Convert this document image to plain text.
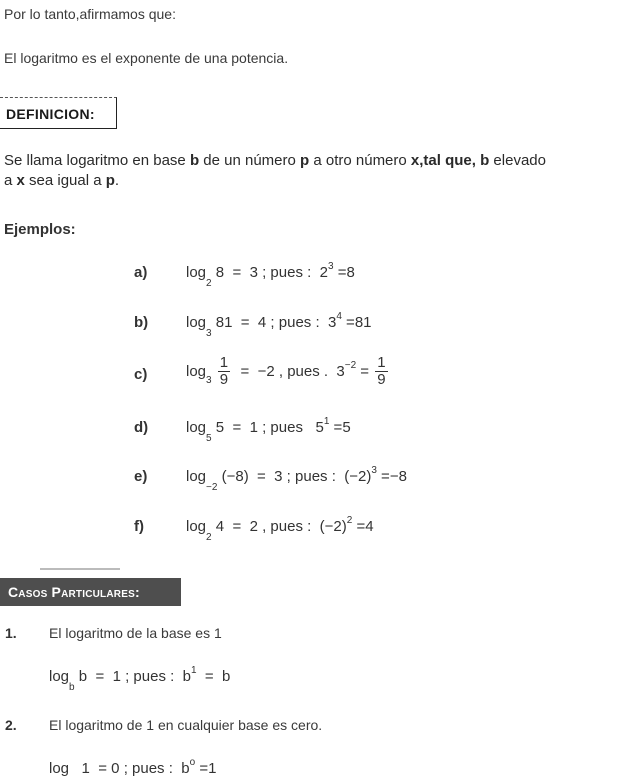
Por lo tanto,afirmamos que:
El logaritmo es el exponente de una potencia.
DEFINICION:
Se llama logaritmo en base b de un número p a otro número x,tal que, b elevado
a x sea igual a p.
Ejemplos:
a)	$\log_2 8 = 3$ ; pues : $2^3 =8$
b)	$\log_3 81 = 4$ ; pues : $3^4 =81$
c)	$\log_3 \frac{1}{9} = -2$ , pues .  $3^{-2} = \frac{1}{9}$
d)	$\log_5 5 = 1$ ; pues $5^1 =5$
e)	$\log_{-2} (-8) = 3$ ; pues : $(-2)^3 =-8$
f)	$\log_2 4 = 2$ , pues : $(-2)^2 =4$
Casos Particulares:
1. El logaritmo de la base es 1
$\log_b b = 1$ ; pues : $b^1 = b$
2. El logaritmo de 1 en cualquier base es cero.
log 1 = 0 ; pues : $b^o =1$
